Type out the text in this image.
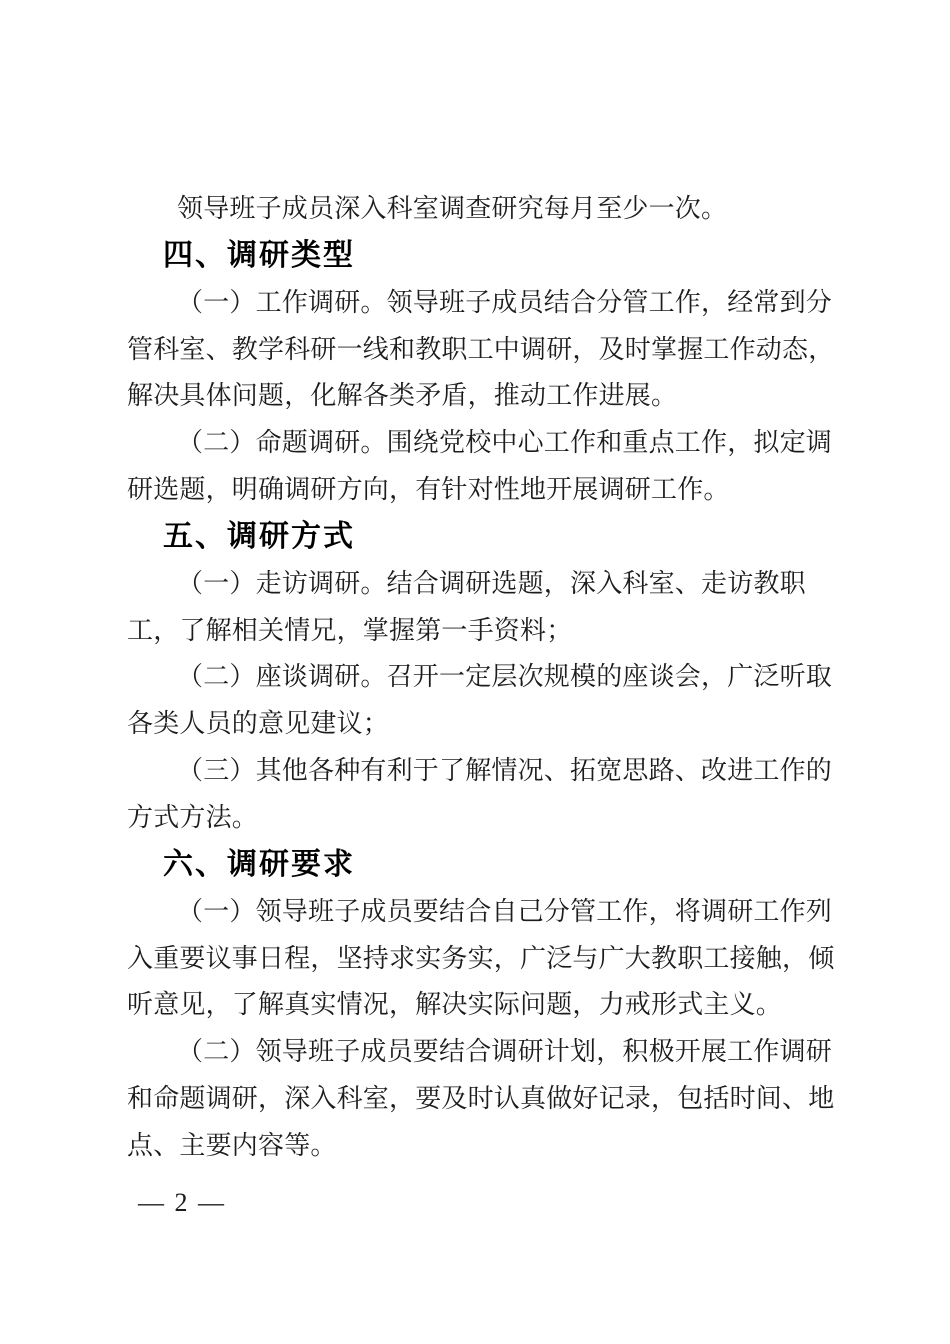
领导班子成员深入科室调查研究每月至少一次。
四、调研类型
（一）工作调研。领导班子成员结合分管工作，经常到分
管科室、教学科研一线和教职工中调研，及时掌握工作动态，
解决具体问题，化解各类矛盾，推动工作进展。
（二）命题调研。围绕党校中心工作和重点工作，拟定调
研选题，明确调研方向，有针对性地开展调研工作。
五、调研方式
（一）走访调研。结合调研选题，深入科室、走访教职
工，了解相关情兄，掌握第一手资料；
（二）座谈调研。召开一定层次规模的座谈会，广泛听取
各类人员的意见建议；
（三）其他各种有利于了解情况、拓宽思路、改进工作的
方式方法。
六、调研要求
（一）领导班子成员要结合自己分管工作，将调研工作列
入重要议事日程，坚持求实务实，广泛与广大教职工接触，倾
听意见，了解真实情况，解决实际问题，力戒形式主义。
（二）领导班子成员要结合调研计划，积极开展工作调研
和命题调研，深入科室，要及时认真做好记录，包括时间、地
点、主要内容等。
— 2 —
